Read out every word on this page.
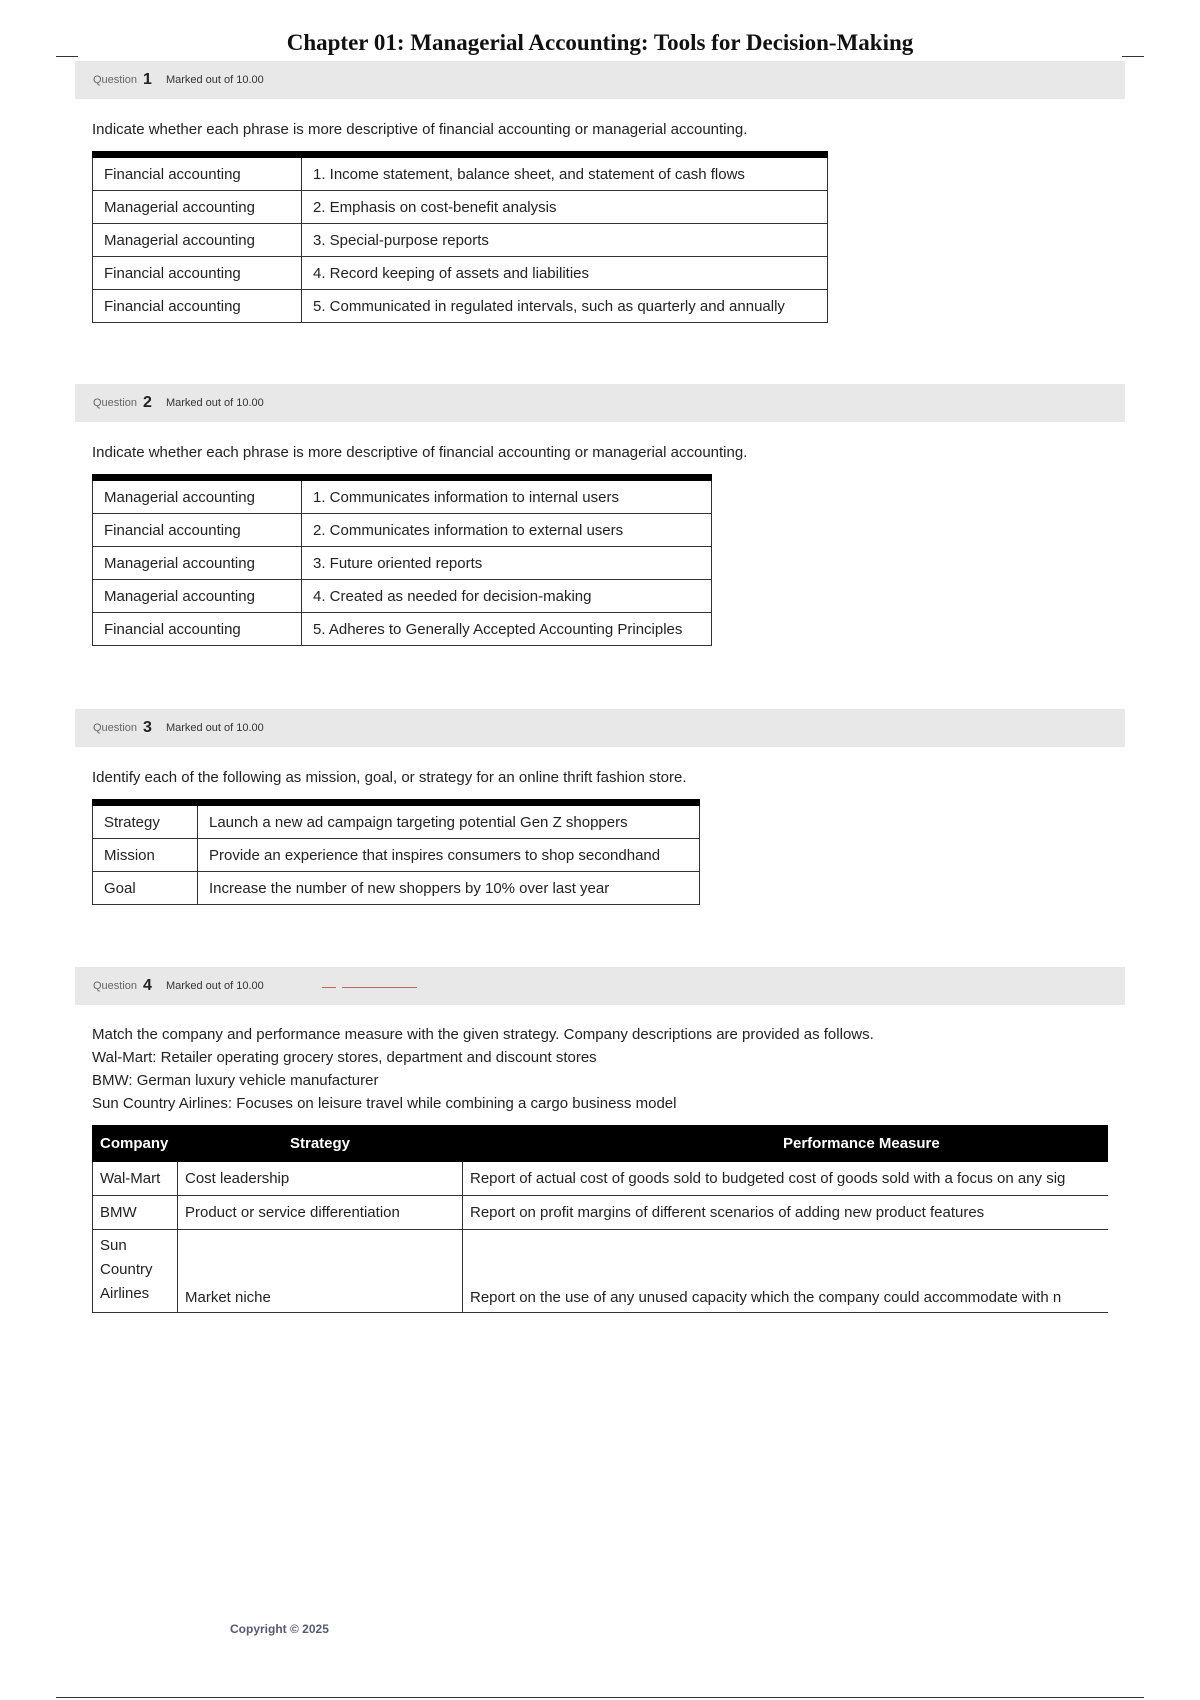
Chapter 01: Managerial Accounting: Tools for Decision-Making
Question 1 Marked out of 10.00
Indicate whether each phrase is more descriptive of financial accounting or managerial accounting.
Financial accounting	1. Income statement, balance sheet, and statement of cash flows
Managerial accounting	2. Emphasis on cost-benefit analysis
Managerial accounting	3. Special-purpose reports
Financial accounting	4. Record keeping of assets and liabilities
Financial accounting	5. Communicated in regulated intervals, such as quarterly and annually
Question 2 Marked out of 10.00
Indicate whether each phrase is more descriptive of financial accounting or managerial accounting.
Managerial accounting	1. Communicates information to internal users
Financial accounting	2. Communicates information to external users
Managerial accounting	3. Future oriented reports
Managerial accounting	4. Created as needed for decision-making
Financial accounting	5. Adheres to Generally Accepted Accounting Principles
Question 3 Marked out of 10.00
Identify each of the following as mission, goal, or strategy for an online thrift fashion store.
Strategy	Launch a new ad campaign targeting potential Gen Z shoppers
Mission	Provide an experience that inspires consumers to shop secondhand
Goal	Increase the number of new shoppers by 10% over last year
Question 4 Marked out of 10.00
Match the company and performance measure with the given strategy. Company descriptions are provided as follows.
Wal-Mart: Retailer operating grocery stores, department and discount stores
BMW: German luxury vehicle manufacturer
Sun Country Airlines: Focuses on leisure travel while combining a cargo business model
Company	Strategy	Performance Measure
Wal-Mart	Cost leadership	Report of actual cost of goods sold to budgeted cost of goods sold with a focus on any sig
BMW	Product or service differentiation	Report on profit margins of different scenarios of adding new product features
Sun Country Airlines	Market niche	Report on the use of any unused capacity which the company could accommodate with n
Copyright © 2025
